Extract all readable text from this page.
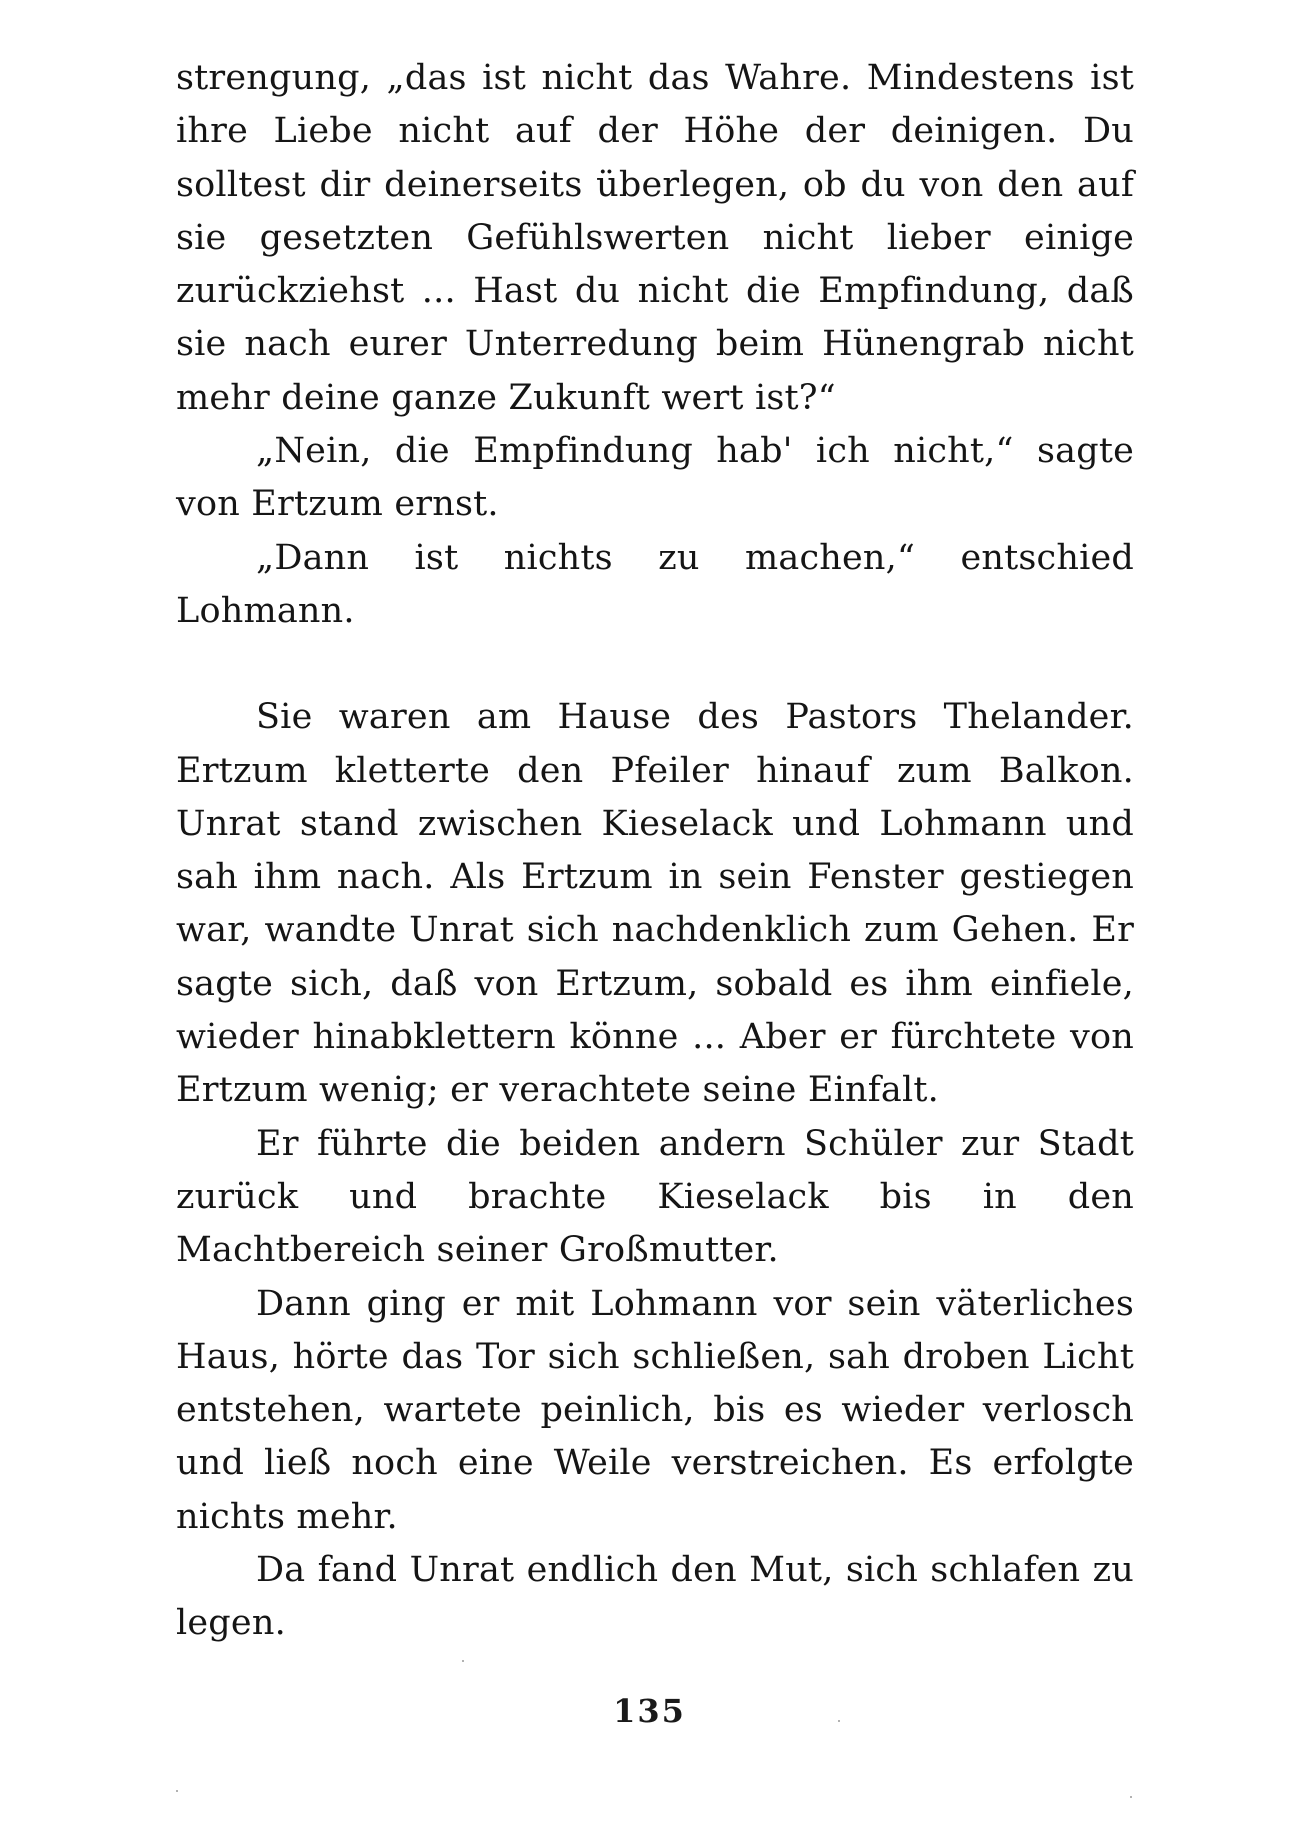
strengung, „das ist nicht das Wahre. Mindestens ist ihre Liebe nicht auf der Höhe der deinigen. Du solltest dir deinerseits überlegen, ob du von den auf sie gesetzten Gefühlswerten nicht lieber einige zurückziehst ... Hast du nicht die Empfindung, daß sie nach eurer Unterredung beim Hünengrab nicht mehr deine ganze Zukunft wert ist?“

„Nein, die Empfindung hab' ich nicht,“ sagte von Ertzum ernst.

„Dann ist nichts zu machen,“ entschied Lohmann.

Sie waren am Hause des Pastors Thelander. Ertzum kletterte den Pfeiler hinauf zum Balkon. Unrat stand zwischen Kieselack und Lohmann und sah ihm nach. Als Ertzum in sein Fenster gestiegen war, wandte Unrat sich nachdenklich zum Gehen. Er sagte sich, daß von Ertzum, sobald es ihm einfiele, wieder hinabklettern könne ... Aber er fürchtete von Ertzum wenig; er verachtete seine Einfalt.

Er führte die beiden andern Schüler zur Stadt zurück und brachte Kieselack bis in den Machtbereich seiner Großmutter.

Dann ging er mit Lohmann vor sein väterliches Haus, hörte das Tor sich schließen, sah droben Licht entstehen, wartete peinlich, bis es wieder verlosch und ließ noch eine Weile verstreichen. Es erfolgte nichts mehr.

Da fand Unrat endlich den Mut, sich schlafen zu legen.

135
